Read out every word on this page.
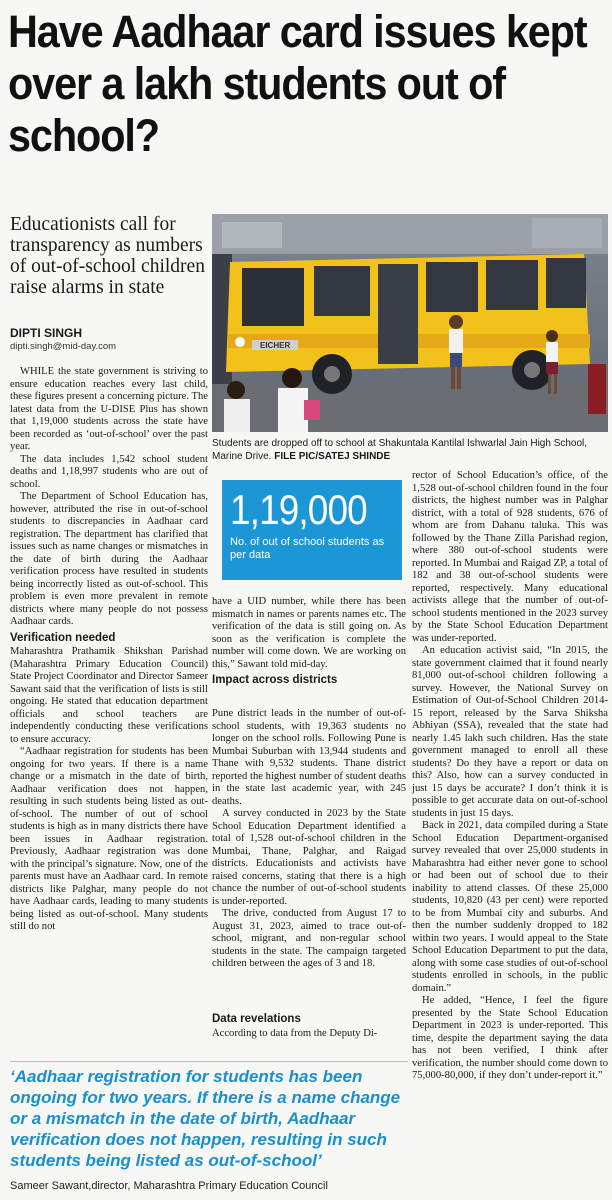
Have Aadhaar card issues kept over a lakh students out of school?
Educationists call for transparency as numbers of out-of-school children raise alarms in state
DIPTI SINGH
dipti.singh@mid-day.com	EICHER
Students are dropped off to school at Shakuntala Kantilal Ishwarlal Jain High School, Marine Drive. FILE PIC/SATEJ SHINDE

WHILE the state government is striving to ensure education reaches every last child, these figures present a concerning picture. The latest data from the U-DISE Plus has shown that 1,19,000 students across the state have been recorded as ‘out-of-school’ over the past year.

The data includes 1,542 school student deaths and 1,18,997 students who are out of school.

The Department of School Education has, however, attributed the rise in out-of-school students to discrepancies in Aadhaar card registration. The department has clarified that issues such as name changes or mismatches in the date of birth during the Aadhaar verification process have resulted in students being incorrectly listed as out-of-school. This problem is even more prevalent in remote districts where many people do not possess Aadhaar cards.

Verification needed

Maharashtra Prathamik Shikshan Parishad (Maharashtra Primary Education Council) State Project Coordinator and Director Sameer Sawant said that the verification of lists is still ongoing. He stated that education department officials and school teachers are independently conducting these verifications to ensure accuracy.

“Aadhaar registration for students has been ongoing for two years. If there is a name change or a mismatch in the date of birth, Aadhaar verification does not happen, resulting in such students being listed as out-of-school. The number of out of school students is high as in many districts there have been issues in Aadhaar registration. Previously, Aadhaar registration was done with the principal’s signature. Now, one of the parents must have an Aadhaar card. In remote districts like Palghar, many people do not have Aadhaar cards, leading to many students being listed as out-of-school. Many students still do not

1,19,000
No. of out of school students as per data

have a UID number, while there has been mismatch in names or parents names etc. The verification of the data is still going on. As soon as the verification is complete the number will come down. We are working on this,” Sawant told mid-day.

Impact across districts

Pune district leads in the number of out-of-school students, with 19,363 students no longer on the school rolls. Following Pune is Mumbai Suburban with 13,944 students and Thane with 9,532 students. Thane district reported the highest number of student deaths in the state last academic year, with 245 deaths.

A survey conducted in 2023 by the State School Education Department identified a total of 1,528 out-of-school children in the Mumbai, Thane, Palghar, and Raigad districts. Educationists and activists have raised concerns, stating that there is a high chance the number of out-of-school students is under-reported.

The drive, conducted from August 17 to August 31, 2023, aimed to trace out-of-school, migrant, and non-regular school students in the state. The campaign targeted children between the ages of 3 and 18.

Data revelations

According to data from the Deputy Di-

rector of School Education’s office, of the 1,528 out-of-school children found in the four districts, the highest number was in Palghar district, with a total of 928 students, 676 of whom are from Dahanu taluka. This was followed by the Thane Zilla Parishad region, where 380 out-of-school students were reported. In Mumbai and Raigad ZP, a total of 182 and 38 out-of-school students were reported, respectively. Many educational activists allege that the number of out-of-school students mentioned in the 2023 survey by the State School Education Department was under-reported.

An education activist said, “In 2015, the state government claimed that it found nearly 81,000 out-of-school children following a survey. However, the National Survey on Estimation of Out-of-School Children 2014-15 report, released by the Sarva Shiksha Abhiyan (SSA), revealed that the state had nearly 1.45 lakh such children. Has the state government managed to enroll all these students? Do they have a report or data on this? Also, how can a survey conducted in just 15 days be accurate? I don’t think it is possible to get accurate data on out-of-school students in just 15 days.

Back in 2021, data compiled during a State School Education Department-organised survey revealed that over 25,000 students in Maharashtra had either never gone to school or had been out of school due to their inability to attend classes. Of these 25,000 students, 10,820 (43 per cent) were reported to be from Mumbai city and suburbs. And then the number suddenly dropped to 182 within two years. I would appeal to the State School Education Department to put the data, along with some case studies of out-of-school students enrolled in schools, in the public domain.”

He added, “Hence, I feel the figure presented by the State School Education Department in 2023 is under-reported. This time, despite the department saying the data has not been verified, I think after verification, the number should come down to 75,000-80,000, if they don’t under-report it.”

‘Aadhaar registration for students has been ongoing for two years. If there is a name change or a mismatch in the date of birth, Aadhaar verification does not happen, resulting in such students being listed as out-of-school’
Sameer Sawant,director, Maharashtra Primary Education Council
